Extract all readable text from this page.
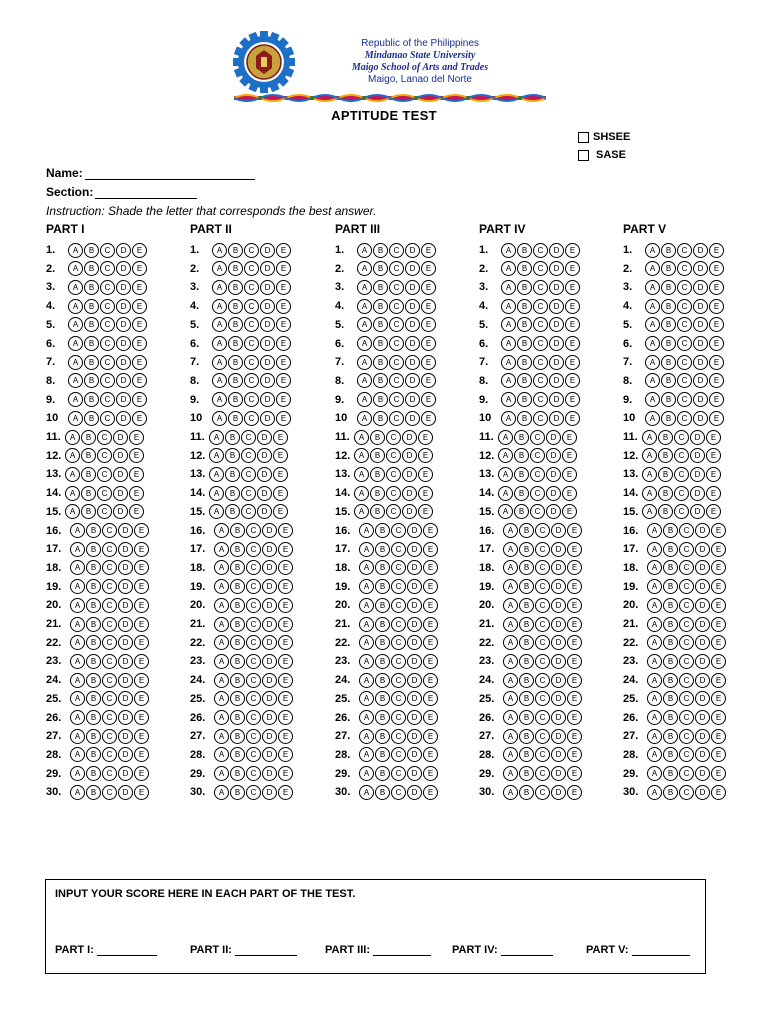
Republic of the Philippines
Mindanao State University
Maigo School of Arts and Trades
Maigo, Lanao del Norte
APTITUDE TEST
SHSEE
SASE
Name:
Section:
Instruction: Shade the letter that corresponds the best answer.
PART I
1.	A	B	C	D	E
2.	A	B	C	D	E
3.	A	B	C	D	E
4.	A	B	C	D	E
5.	A	B	C	D	E
6.	A	B	C	D	E
7.	A	B	C	D	E
8.	A	B	C	D	E
9.	A	B	C	D	E
10	A	B	C	D	E
11.	A	B	C	D	E
12.	A	B	C	D	E
13.	A	B	C	D	E
14.	A	B	C	D	E
15.	A	B	C	D	E
16.	A	B	C	D	E
17.	A	B	C	D	E
18.	A	B	C	D	E
19.	A	B	C	D	E
20.	A	B	C	D	E
21.	A	B	C	D	E
22.	A	B	C	D	E
23.	A	B	C	D	E
24.	A	B	C	D	E
25.	A	B	C	D	E
26.	A	B	C	D	E
27.	A	B	C	D	E
28.	A	B	C	D	E
29.	A	B	C	D	E
30.	A	B	C	D	E
PART II
1.	A	B	C	D	E
2.	A	B	C	D	E
3.	A	B	C	D	E
4.	A	B	C	D	E
5.	A	B	C	D	E
6.	A	B	C	D	E
7.	A	B	C	D	E
8.	A	B	C	D	E
9.	A	B	C	D	E
10	A	B	C	D	E
11.	A	B	C	D	E
12.	A	B	C	D	E
13.	A	B	C	D	E
14.	A	B	C	D	E
15.	A	B	C	D	E
16.	A	B	C	D	E
17.	A	B	C	D	E
18.	A	B	C	D	E
19.	A	B	C	D	E
20.	A	B	C	D	E
21.	A	B	C	D	E
22.	A	B	C	D	E
23.	A	B	C	D	E
24.	A	B	C	D	E
25.	A	B	C	D	E
26.	A	B	C	D	E
27.	A	B	C	D	E
28.	A	B	C	D	E
29.	A	B	C	D	E
30.	A	B	C	D	E
PART III
1.	A	B	C	D	E
2.	A	B	C	D	E
3.	A	B	C	D	E
4.	A	B	C	D	E
5.	A	B	C	D	E
6.	A	B	C	D	E
7.	A	B	C	D	E
8.	A	B	C	D	E
9.	A	B	C	D	E
10	A	B	C	D	E
11.	A	B	C	D	E
12.	A	B	C	D	E
13.	A	B	C	D	E
14.	A	B	C	D	E
15.	A	B	C	D	E
16.	A	B	C	D	E
17.	A	B	C	D	E
18.	A	B	C	D	E
19.	A	B	C	D	E
20.	A	B	C	D	E
21.	A	B	C	D	E
22.	A	B	C	D	E
23.	A	B	C	D	E
24.	A	B	C	D	E
25.	A	B	C	D	E
26.	A	B	C	D	E
27.	A	B	C	D	E
28.	A	B	C	D	E
29.	A	B	C	D	E
30.	A	B	C	D	E
PART IV
1.	A	B	C	D	E
2.	A	B	C	D	E
3.	A	B	C	D	E
4.	A	B	C	D	E
5.	A	B	C	D	E
6.	A	B	C	D	E
7.	A	B	C	D	E
8.	A	B	C	D	E
9.	A	B	C	D	E
10	A	B	C	D	E
11.	A	B	C	D	E
12.	A	B	C	D	E
13.	A	B	C	D	E
14.	A	B	C	D	E
15.	A	B	C	D	E
16.	A	B	C	D	E
17.	A	B	C	D	E
18.	A	B	C	D	E
19.	A	B	C	D	E
20.	A	B	C	D	E
21.	A	B	C	D	E
22.	A	B	C	D	E
23.	A	B	C	D	E
24.	A	B	C	D	E
25.	A	B	C	D	E
26.	A	B	C	D	E
27.	A	B	C	D	E
28.	A	B	C	D	E
29.	A	B	C	D	E
30.	A	B	C	D	E
PART V
1.	A	B	C	D	E
2.	A	B	C	D	E
3.	A	B	C	D	E
4.	A	B	C	D	E
5.	A	B	C	D	E
6.	A	B	C	D	E
7.	A	B	C	D	E
8.	A	B	C	D	E
9.	A	B	C	D	E
10	A	B	C	D	E
11.	A	B	C	D	E
12.	A	B	C	D	E
13.	A	B	C	D	E
14.	A	B	C	D	E
15.	A	B	C	D	E
16.	A	B	C	D	E
17.	A	B	C	D	E
18.	A	B	C	D	E
19.	A	B	C	D	E
20.	A	B	C	D	E
21.	A	B	C	D	E
22.	A	B	C	D	E
23.	A	B	C	D	E
24.	A	B	C	D	E
25.	A	B	C	D	E
26.	A	B	C	D	E
27.	A	B	C	D	E
28.	A	B	C	D	E
29.	A	B	C	D	E
30.	A	B	C	D	E
INPUT YOUR SCORE HERE IN EACH PART OF THE TEST.
PART I:	PART II:	PART III:	PART IV:	PART V:
